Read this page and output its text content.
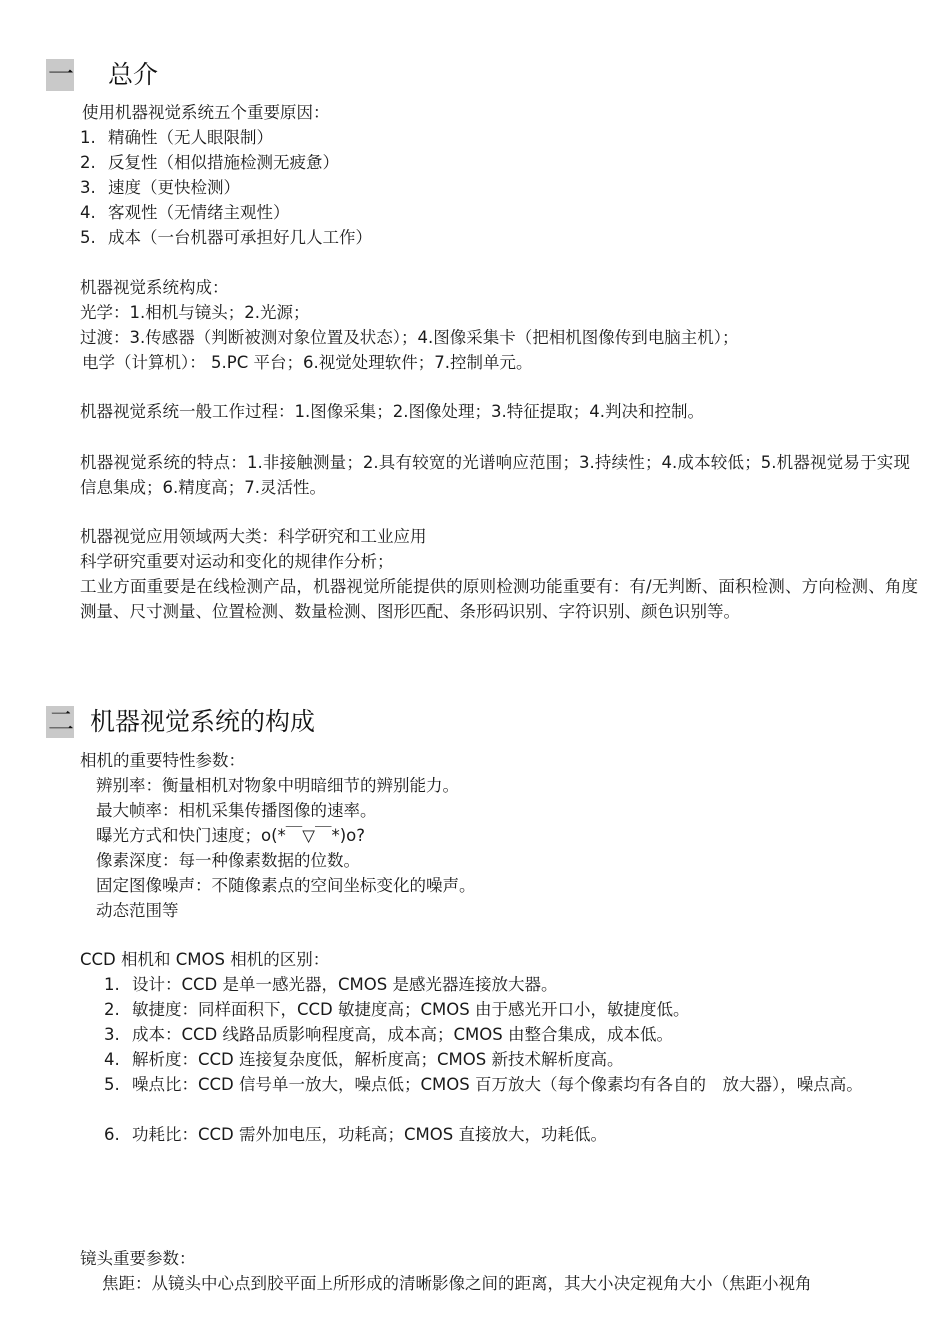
一 总介
使用机器视觉系统五个重要原因：
1. 精确性（无人眼限制）
2. 反复性（相似措施检测无疲惫）
3. 速度（更快检测）
4. 客观性（无情绪主观性）
5. 成本（一台机器可承担好几人工作）
机器视觉系统构成：
光学：1.相机与镜头；2.光源；
过渡：3.传感器（判断被测对象位置及状态）；4.图像采集卡（把相机图像传到电脑主机）；
电学（计算机）： 5.PC 平台；6.视觉处理软件；7.控制单元。
机器视觉系统一般工作过程：1.图像采集；2.图像处理；3.特征提取；4.判决和控制。
机器视觉系统的特点：1.非接触测量；2.具有较宽的光谱响应范围；3.持续性；4.成本较低；5.机器视觉易于实现信息集成；6.精度高；7.灵活性。
机器视觉应用领域两大类：科学研究和工业应用
科学研究重要对运动和变化的规律作分析；
工业方面重要是在线检测产品，机器视觉所能提供的原则检测功能重要有：有/无判断、面积检测、方向检测、角度测量、尺寸测量、位置检测、数量检测、图形匹配、条形码识别、字符识别、颜色识别等。
二 机器视觉系统的构成
相机的重要特性参数：
辨别率：衡量相机对物象中明暗细节的辨别能力。
最大帧率：相机采集传播图像的速率。
曝光方式和快门速度；o(*￣▽￣*)o?
像素深度：每一种像素数据的位数。
固定图像噪声：不随像素点的空间坐标变化的噪声。
动态范围等
CCD 相机和 CMOS 相机的区别：
1. 设计：CCD 是单一感光器，CMOS 是感光器连接放大器。
2. 敏捷度：同样面积下，CCD 敏捷度高；CMOS 由于感光开口小，敏捷度低。
3. 成本：CCD 线路品质影响程度高，成本高；CMOS 由整合集成，成本低。
4. 解析度：CCD 连接复杂度低，解析度高；CMOS 新技术解析度高。
5. 噪点比：CCD 信号单一放大，噪点低；CMOS 百万放大（每个像素均有各自的　放大器），噪点高。
6. 功耗比：CCD 需外加电压，功耗高；CMOS 直接放大，功耗低。
镜头重要参数：
焦距：从镜头中心点到胶平面上所形成的清晰影像之间的距离，其大小决定视角大小（焦距小视角
